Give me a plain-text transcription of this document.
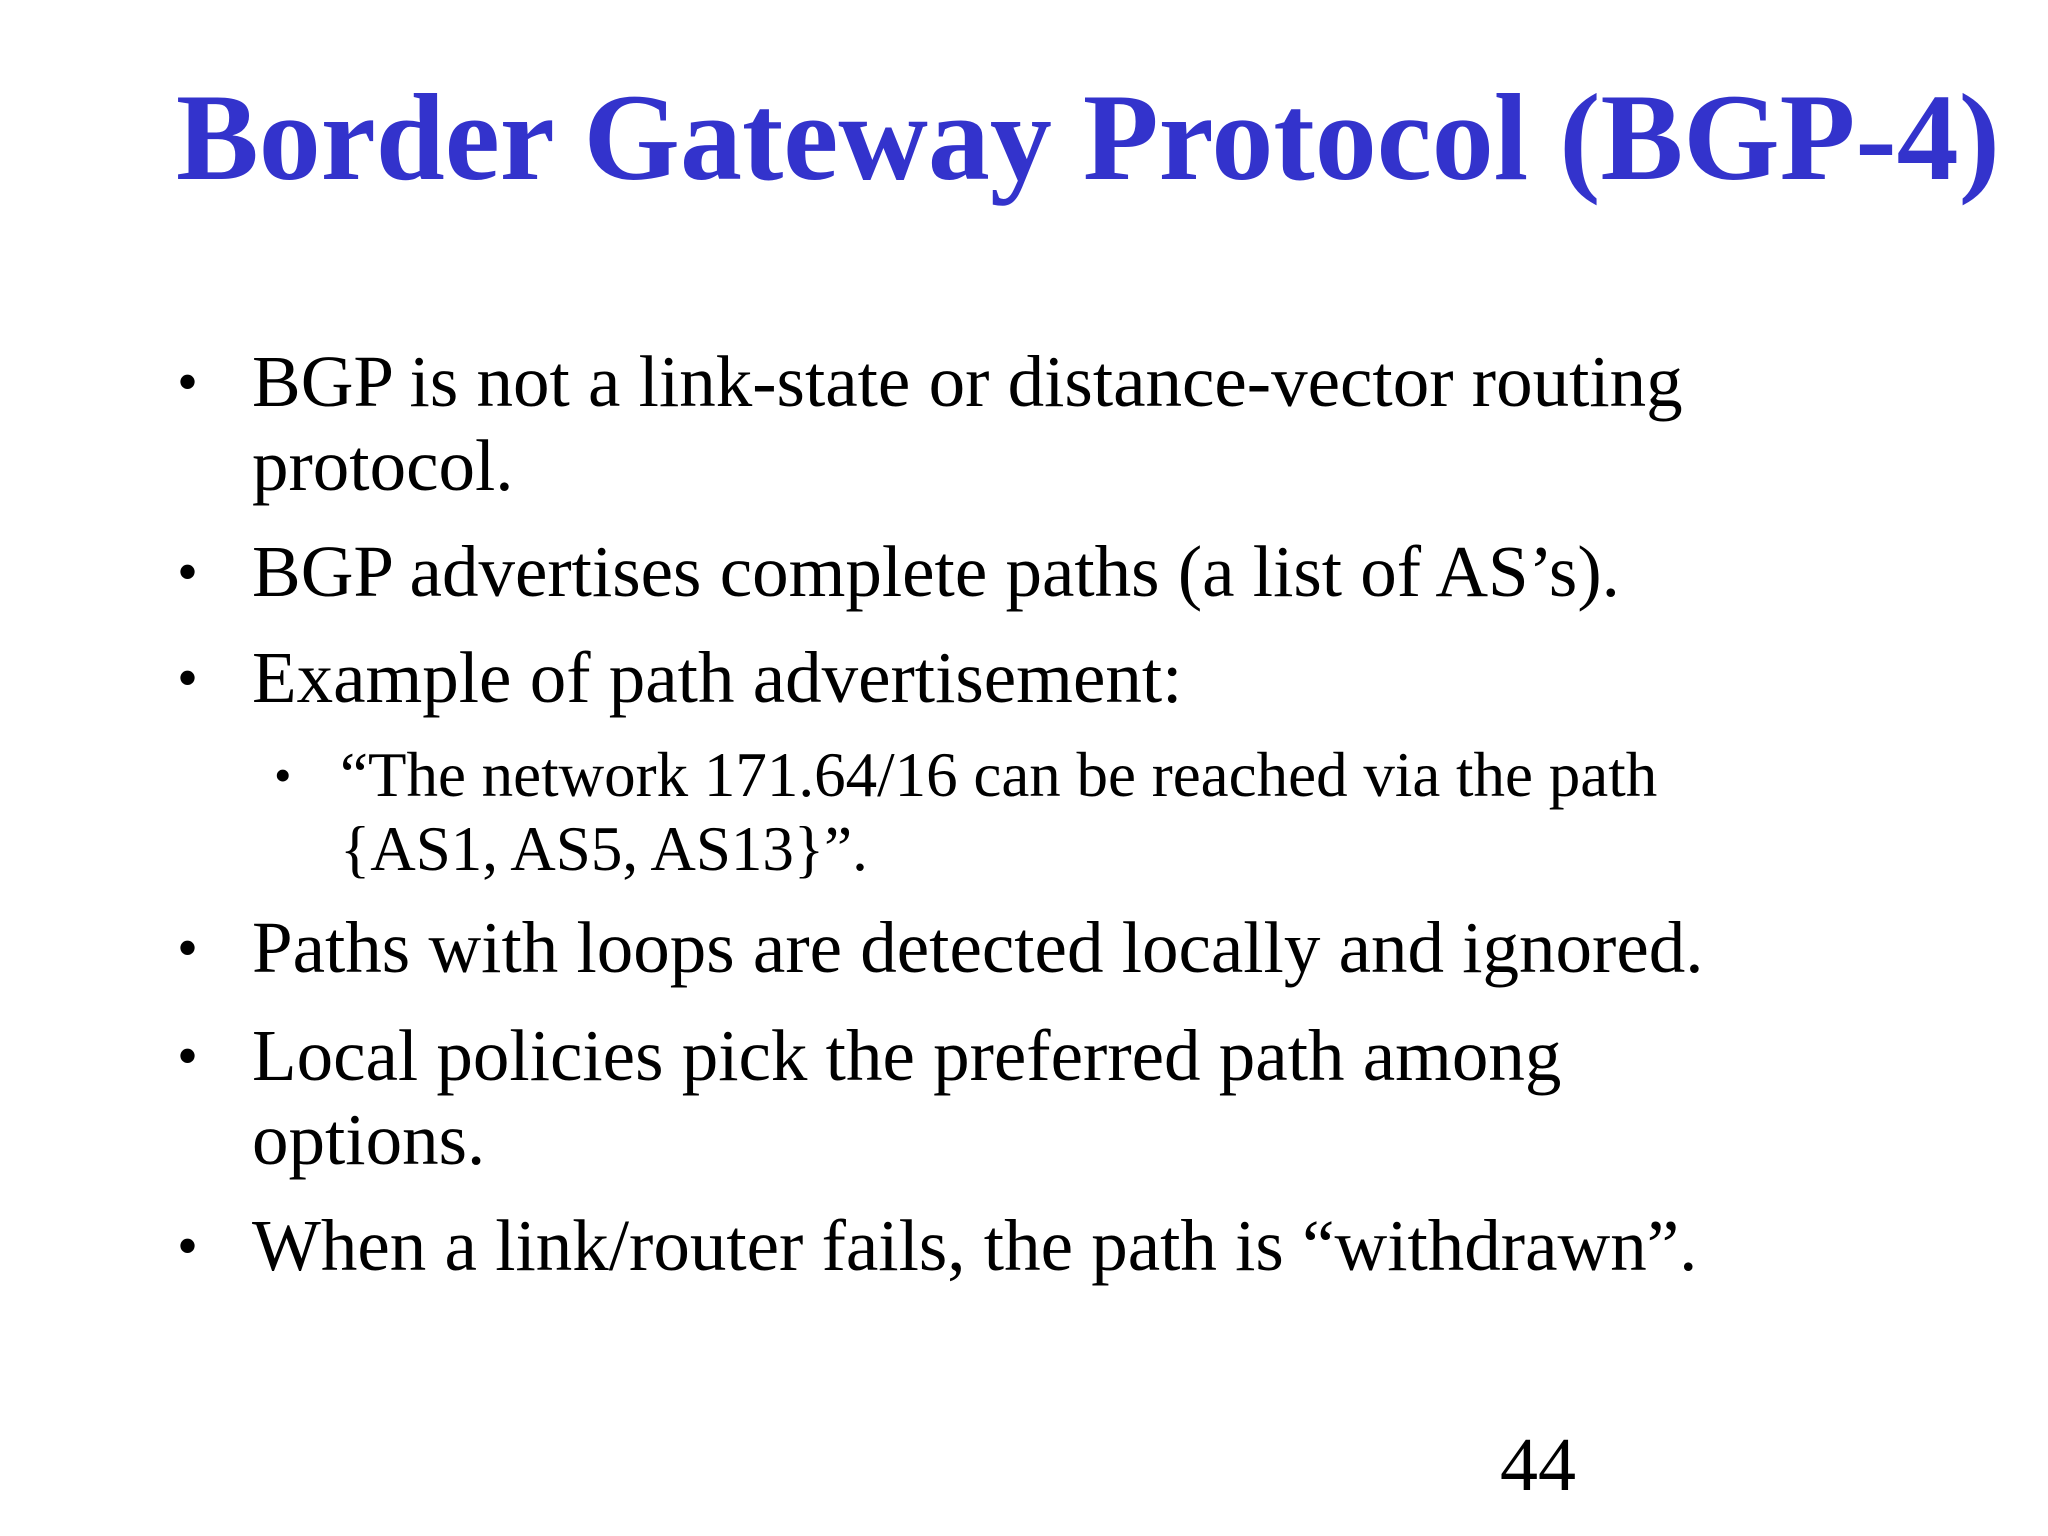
Border Gateway Protocol (BGP-4)
• BGP is not a link-state or distance-vector routing
protocol.
• BGP advertises complete paths (a list of AS’s).
• Example of path advertisement:
• “The network 171.64/16 can be reached via the path
{AS1, AS5, AS13}”.
• Paths with loops are detected locally and ignored.
• Local policies pick the preferred path among
options.
• When a link/router fails, the path is “withdrawn”.
44
